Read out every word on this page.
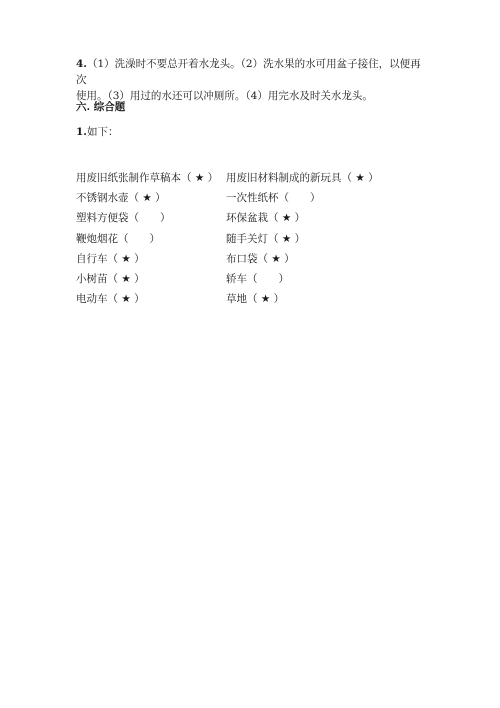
4.（1）洗澡时不要总开着水龙头。（2）洗水果的水可用盆子接住，以便再次
使用。（3）用过的水还可以冲厕所。（4）用完水及时关水龙头。
六. 综合题
1.如下：
用废旧纸张制作草稿本（ ★ ） 用废旧材料制成的新玩具（ ★ ）
不锈钢水壶（ ★ ）	一次性纸杯（　　）
塑料方便袋（　　）	环保盆栽（ ★ ）
鞭炮烟花（　　）	随手关灯（ ★ ）
自行车（ ★ ）	布口袋（ ★ ）
小树苗（ ★ ）	轿车（　　）
电动车（ ★ ）	草地（ ★ ）
